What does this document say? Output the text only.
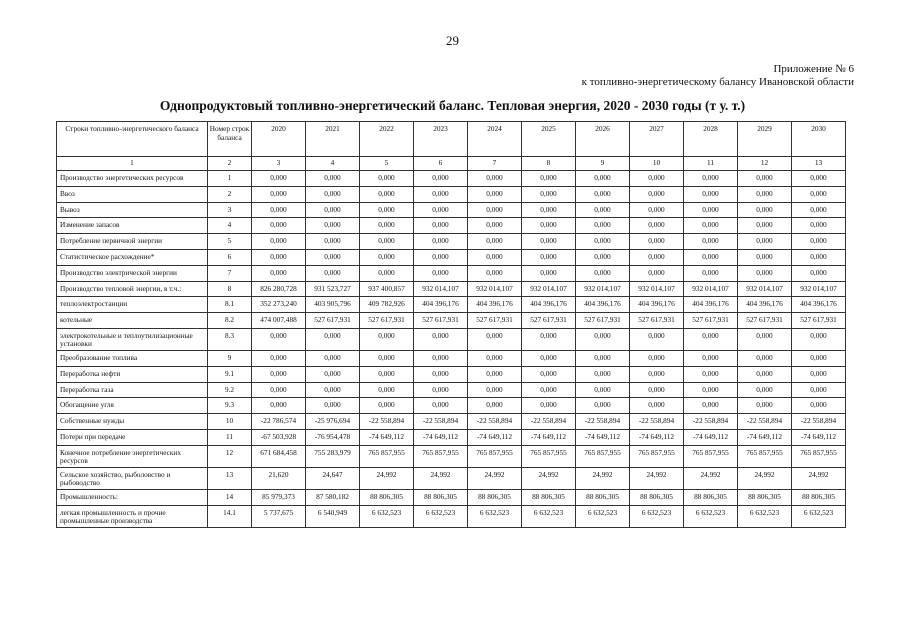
29
Приложение № 6
к топливно-энергетическому балансу Ивановской области
Однопродуктовый топливно-энергетический баланс. Тепловая энергия, 2020 - 2030 годы (т у. т.)
Строки топливно-энергетического баланса	Номер строк баланса	2020	2021	2022	2023	2024	2025	2026	2027	2028	2029	2030
1	2	3	4	5	6	7	8	9	10	11	12	13
Производство энергетических ресурсов	1	0,000	0,000	0,000	0,000	0,000	0,000	0,000	0,000	0,000	0,000	0,000
Ввоз	2	0,000	0,000	0,000	0,000	0,000	0,000	0,000	0,000	0,000	0,000	0,000
Вывоз	3	0,000	0,000	0,000	0,000	0,000	0,000	0,000	0,000	0,000	0,000	0,000
Изменение запасов	4	0,000	0,000	0,000	0,000	0,000	0,000	0,000	0,000	0,000	0,000	0,000
Потребление первичной энергии	5	0,000	0,000	0,000	0,000	0,000	0,000	0,000	0,000	0,000	0,000	0,000
Статистическое расхождение*	6	0,000	0,000	0,000	0,000	0,000	0,000	0,000	0,000	0,000	0,000	0,000
Производство электрической энергии	7	0,000	0,000	0,000	0,000	0,000	0,000	0,000	0,000	0,000	0,000	0,000
Производство тепловой энергии, в т.ч.:	8	826 280,728	931 523,727	937 400,857	932 014,107	932 014,107	932 014,107	932 014,107	932 014,107	932 014,107	932 014,107	932 014,107
теплоэлектростанции	8.1	352 273,240	403 905,796	409 782,926	404 396,176	404 396,176	404 396,176	404 396,176	404 396,176	404 396,176	404 396,176	404 396,176
котельные	8.2	474 007,488	527 617,931	527 617,931	527 617,931	527 617,931	527 617,931	527 617,931	527 617,931	527 617,931	527 617,931	527 617,931
электрокотельные и теплоутилизационные установки	8.3	0,000	0,000	0,000	0,000	0,000	0,000	0,000	0,000	0,000	0,000	0,000
Преобразование топлива	9	0,000	0,000	0,000	0,000	0,000	0,000	0,000	0,000	0,000	0,000	0,000
Переработка нефти	9.1	0,000	0,000	0,000	0,000	0,000	0,000	0,000	0,000	0,000	0,000	0,000
Переработка газа	9.2	0,000	0,000	0,000	0,000	0,000	0,000	0,000	0,000	0,000	0,000	0,000
Обогащение угля	9.3	0,000	0,000	0,000	0,000	0,000	0,000	0,000	0,000	0,000	0,000	0,000
Собственные нужды	10	-22 786,574	-25 976,694	-22 558,894	-22 558,894	-22 558,894	-22 558,894	-22 558,894	-22 558,894	-22 558,894	-22 558,894	-22 558,894
Потери при передаче	11	-67 503,928	-76 954,478	-74 649,112	-74 649,112	-74 649,112	-74 649,112	-74 649,112	-74 649,112	-74 649,112	-74 649,112	-74 649,112
Конечное потребление энергетических ресурсов	12	671 684,458	755 283,979	765 857,955	765 857,955	765 857,955	765 857,955	765 857,955	765 857,955	765 857,955	765 857,955	765 857,955
Сельское хозяйство, рыболовство и рыбоводство	13	21,620	24,647	24,992	24,992	24,992	24,992	24,992	24,992	24,992	24,992	24,992
Промышленность:	14	85 979,373	87 580,182	88 806,305	88 806,305	88 806,305	88 806,305	88 806,305	88 806,305	88 806,305	88 806,305	88 806,305
легкая промышленность и прочие промышленные производства	14.1	5 737,675	6 540,949	6 632,523	6 632,523	6 632,523	6 632,523	6 632,523	6 632,523	6 632,523	6 632,523	6 632,523
